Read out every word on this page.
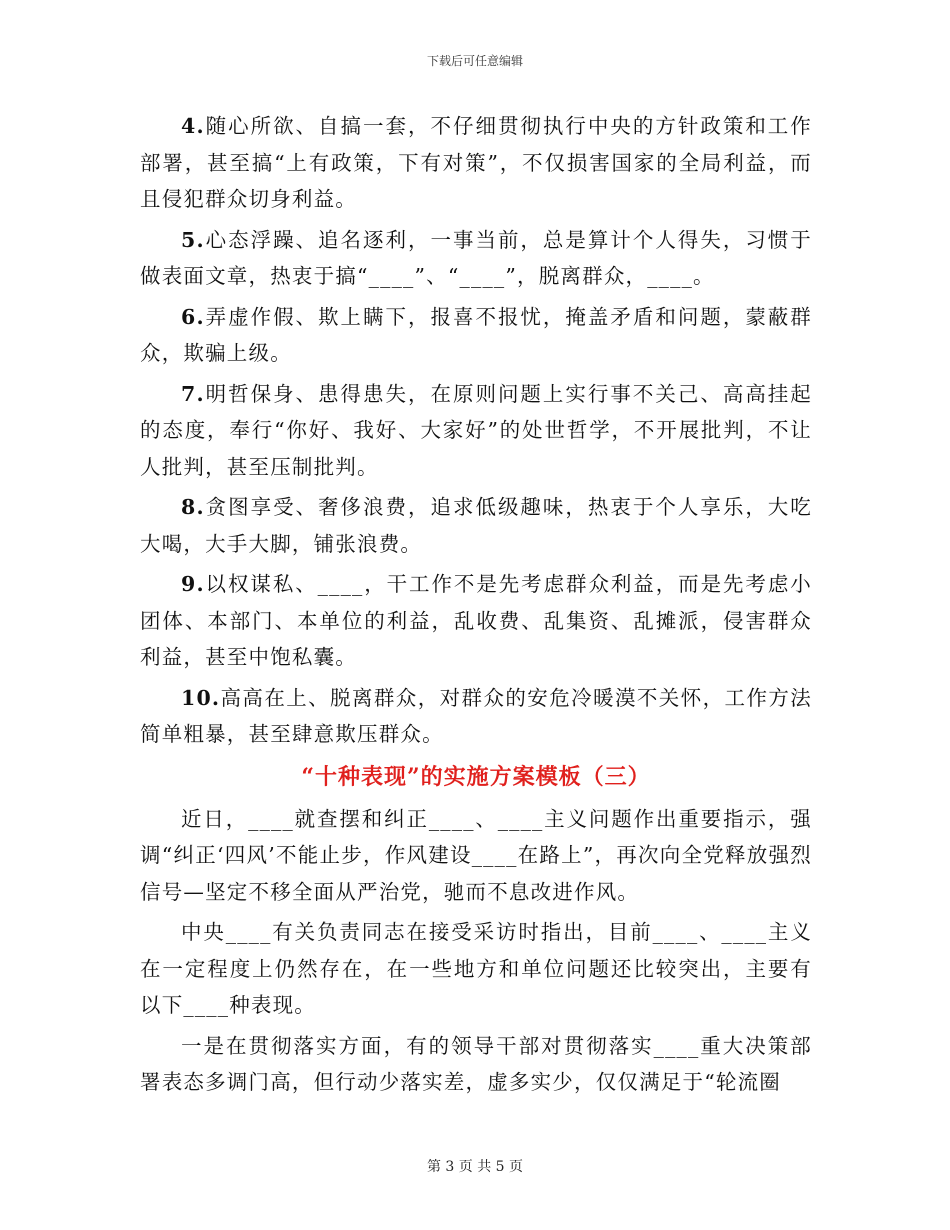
下载后可任意编辑

4.随心所欲、自搞一套，不仔细贯彻执行中央的方针政策和工作部署，甚至搞“上有政策，下有对策”，不仅损害国家的全局利益，而且侵犯群众切身利益。

5.心态浮躁、追名逐利，一事当前，总是算计个人得失，习惯于做表面文章，热衷于搞“____”、“____”，脱离群众，____。

6.弄虚作假、欺上瞒下，报喜不报忧，掩盖矛盾和问题，蒙蔽群众，欺骗上级。

7.明哲保身、患得患失，在原则问题上实行事不关己、高高挂起的态度，奉行“你好、我好、大家好”的处世哲学，不开展批判，不让人批判，甚至压制批判。

8.贪图享受、奢侈浪费，追求低级趣味，热衷于个人享乐，大吃大喝，大手大脚，铺张浪费。

9.以权谋私、____，干工作不是先考虑群众利益，而是先考虑小团体、本部门、本单位的利益，乱收费、乱集资、乱摊派，侵害群众利益，甚至中饱私囊。

10.高高在上、脱离群众，对群众的安危冷暖漠不关怀，工作方法简单粗暴，甚至肆意欺压群众。

“十种表现”的实施方案模板（三）

近日，____就查摆和纠正____、____主义问题作出重要指示，强调“纠正‘四风’不能止步，作风建设____在路上”，再次向全党释放强烈信号—坚定不移全面从严治党，驰而不息改进作风。

中央____有关负责同志在接受采访时指出，目前____、____主义在一定程度上仍然存在，在一些地方和单位问题还比较突出，主要有以下____种表现。

一是在贯彻落实方面，有的领导干部对贯彻落实____重大决策部署表态多调门高，但行动少落实差，虚多实少，仅仅满足于“轮流圈

第 3 页 共 5 页
